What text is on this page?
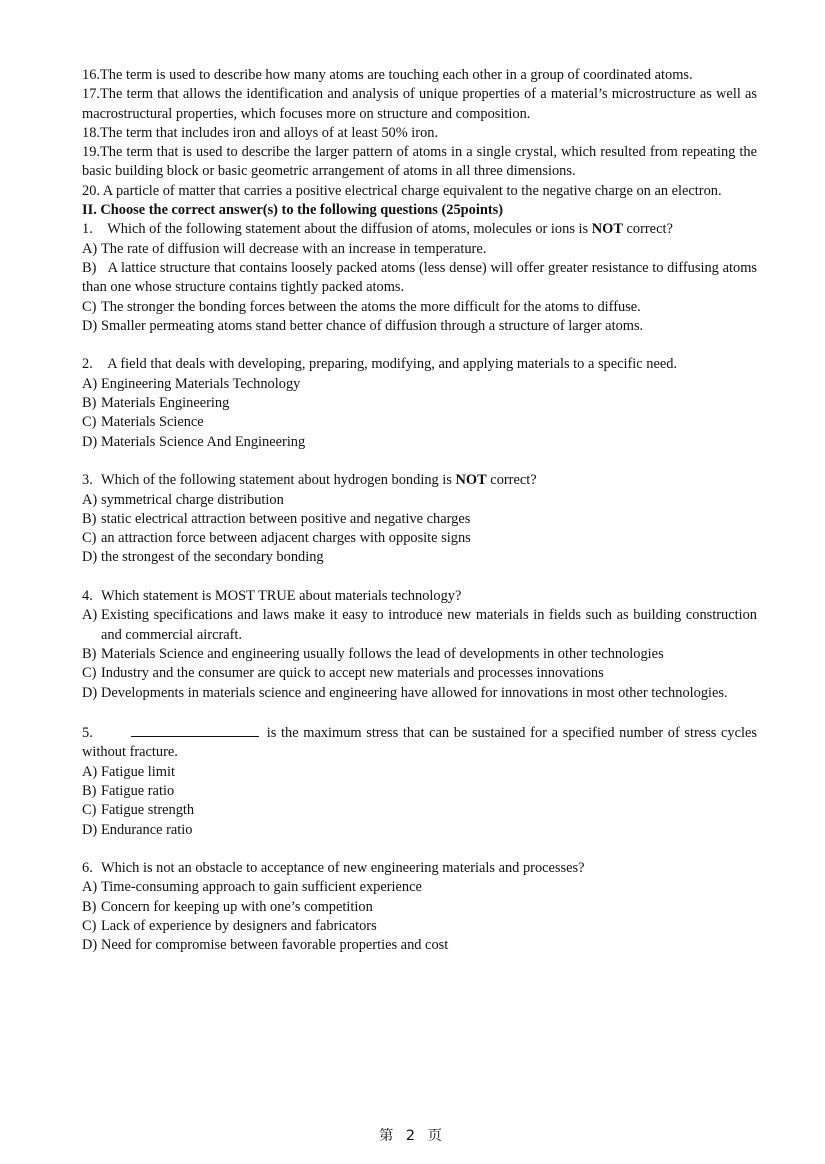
16.The term is used to describe how many atoms are touching each other in a group of coordinated atoms.

17.The term that allows the identification and analysis of unique properties of a material’s microstructure as well as macrostructural properties, which focuses more on structure and composition.

18.The term that includes iron and alloys of at least 50% iron.

19.The term that is used to describe the larger pattern of atoms in a single crystal, which resulted from repeating the basic building block or basic geometric arrangement of atoms in all three dimensions.

20. A particle of matter that carries a positive electrical charge equivalent to the negative charge on an electron.

II. Choose the correct answer(s) to the following questions (25points)

1. Which of the following statement about the diffusion of atoms, molecules or ions is NOT correct?

A) The rate of diffusion will decrease with an increase in temperature.

B) A lattice structure that contains loosely packed atoms (less dense) will offer greater resistance to diffusing atoms than one whose structure contains tightly packed atoms.

C) The stronger the bonding forces between the atoms the more difficult for the atoms to diffuse.
D) Smaller permeating atoms stand better chance of diffusion through a structure of larger atoms.

2. A field that deals with developing, preparing, modifying, and applying materials to a specific need.

A) Engineering Materials Technology
B) Materials Engineering
C) Materials Science
D) Materials Science And Engineering
3. Which of the following statement about hydrogen bonding is NOT correct?
A) symmetrical charge distribution
B) static electrical attraction between positive and negative charges
C) an attraction force between adjacent charges with opposite signs
D) the strongest of the secondary bonding
4. Which statement is MOST TRUE about materials technology?
A) Existing specifications and laws make it easy to introduce new materials in fields such as building construction and commercial aircraft.
B) Materials Science and engineering usually follows the lead of developments in other technologies
C) Industry and the consumer are quick to accept new materials and processes innovations
D) Developments in materials science and engineering have allowed for innovations in most other technologies.

5.	is the maximum stress that can be sustained for a specified number of stress cycles without fracture.

A) Fatigue limit
B) Fatigue ratio
C) Fatigue strength
D) Endurance ratio
6. Which is not an obstacle to acceptance of new engineering materials and processes?
A) Time-consuming approach to gain sufficient experience
B) Concern for keeping up with one’s competition
C) Lack of experience by designers and fabricators
D) Need for compromise between favorable properties and cost
第 2 页
